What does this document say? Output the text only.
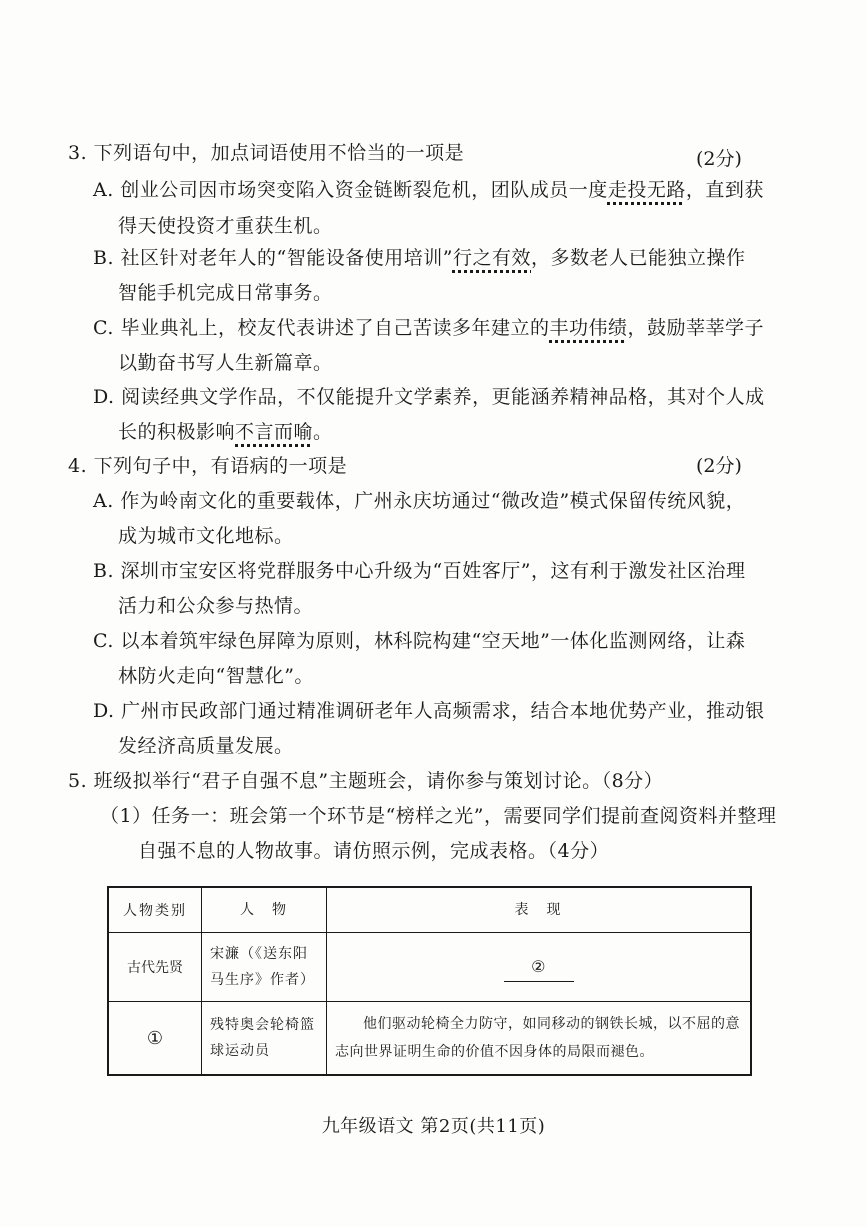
3. 下列语句中，加点词语使用不恰当的一项是	(2分)
A. 创业公司因市场突变陷入资金链断裂危机，团队成员一度走投无路，直到获
得天使投资才重获生机。
B. 社区针对老年人的“智能设备使用培训”行之有效，多数老人已能独立操作
智能手机完成日常事务。
C. 毕业典礼上，校友代表讲述了自己苦读多年建立的丰功伟绩，鼓励莘莘学子
以勤奋书写人生新篇章。
D. 阅读经典文学作品，不仅能提升文学素养，更能涵养精神品格，其对个人成
长的积极影响不言而喻。
4. 下列句子中，有语病的一项是	(2分)
A. 作为岭南文化的重要载体，广州永庆坊通过“微改造”模式保留传统风貌，
成为城市文化地标。
B. 深圳市宝安区将党群服务中心升级为“百姓客厅”，这有利于激发社区治理
活力和公众参与热情。
C. 以本着筑牢绿色屏障为原则，林科院构建“空天地”一体化监测网络，让森
林防火走向“智慧化”。
D. 广州市民政部门通过精准调研老年人高频需求，结合本地优势产业，推动银
发经济高质量发展。
5. 班级拟举行“君子自强不息”主题班会，请你参与策划讨论。（8分）
（1）任务一：班会第一个环节是“榜样之光”，需要同学们提前查阅资料并整理
自强不息的人物故事。请仿照示例，完成表格。（4分）
人物类别	人　物	表　现
古代先贤	宋濂（《送东阳马生序》作者）	②
①	残特奥会轮椅篮球运动员	他们驱动轮椅全力防守，如同移动的钢铁长城，以不屈的意志向世界证明生命的价值不因身体的局限而褪色。
九年级语文 第2页(共11页)
